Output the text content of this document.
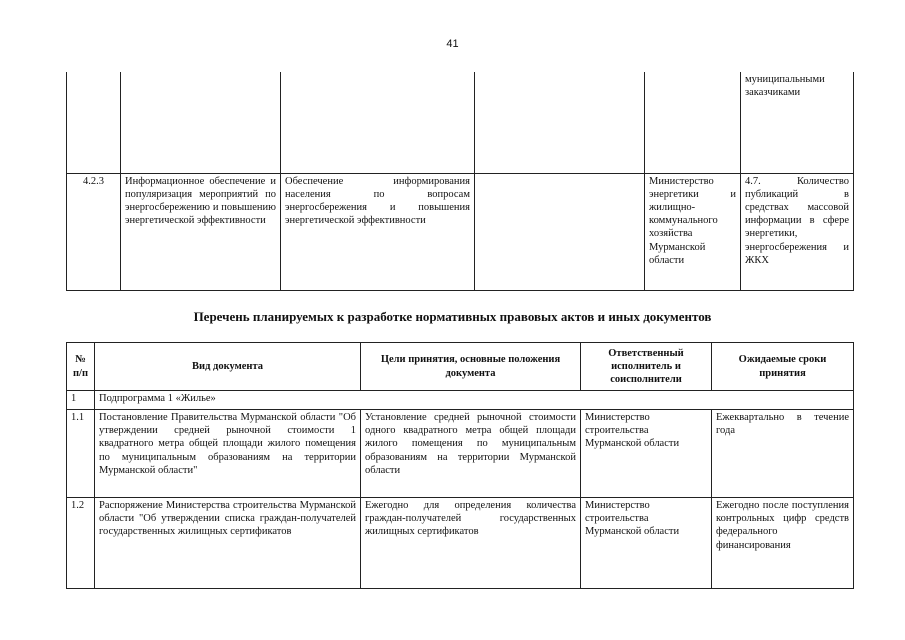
41
					муниципальными заказчиками
4.2.3	Информационное обеспечение и популяризация мероприятий по энергосбережению и повышению энергетической эффективности	Обеспечение информирования населения по вопросам энергосбережения и повышения энергетической эффективности		Министерство энергетики и жилищно-коммунального хозяйства Мурманской области	4.7. Количество публикаций в средствах массовой информации в сфере энергетики, энергосбережения и ЖКХ
Перечень планируемых к разработке нормативных правовых актов и иных документов
№ п/п	Вид документа	Цели принятия, основные положения документа	Ответственный исполнитель и соисполнители	Ожидаемые сроки принятия
1	Подпрограмма 1 «Жилье»			
1.1	Постановление Правительства Мурманской области "Об утверждении средней рыночной стоимости 1 квадратного метра общей площади жилого помещения по муниципальным образованиям на территории Мурманской области"	Установление средней рыночной стоимости одного квадратного метра общей площади жилого помещения по муниципальным образованиям на территории Мурманской области	Министерство строительства Мурманской области	Ежеквартально в течение года
1.2	Распоряжение Министерства строительства Мурманской области "Об утверждении списка граждан-получателей государственных жилищных сертификатов	Ежегодно для определения количества граждан-получателей государственных жилищных сертификатов	Министерство строительства Мурманской области	Ежегодно после поступления контрольных цифр средств федерального финансирования
